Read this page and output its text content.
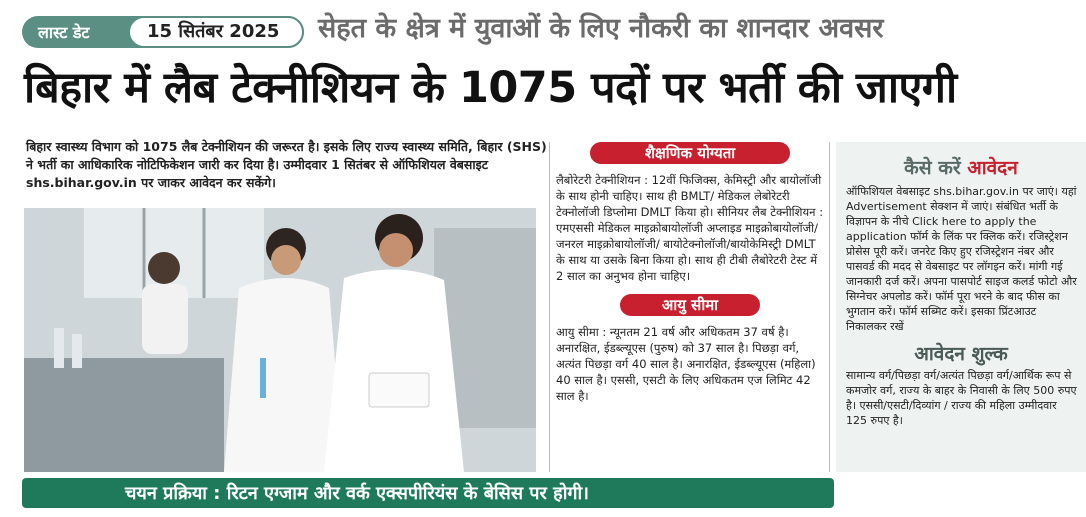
लास्ट डेट	15 सितंबर 2025 सेहत के क्षेत्र में युवाओं के लिए नौकरी का शानदार अवसर
बिहार में लैब टेक्नीशियन के 1075 पदों पर भर्ती की जाएगी
बिहार स्वास्थ्य विभाग को 1075 लैब टेक्नीशियन की जरूरत है। इसके लिए राज्य स्वास्थ्य समिति, बिहार (SHS) ने भर्ती का आधिकारिक नोटिफिकेशन जारी कर दिया है। उम्मीदवार 1 सितंबर से ऑफिशियल वेबसाइट shs.bihar.gov.in पर जाकर आवेदन कर सकेंगे।
शैक्षणिक योग्यता
लैबोरेटरी टेक्नीशियन : 12वीं फिजिक्स, केमिस्ट्री और बायोलॉजी के साथ होनी चाहिए। साथ ही BMLT/ मेडिकल लेबोरेटरी टेक्नोलॉजी डिप्लोमा DMLT किया हो। सीनियर लैब टेक्नीशियन : एमएससी मेडिकल माइक्रोबायोलॉजी अप्लाइड माइक्रोबायोलॉजी/जनरल माइक्रोबायोलॉजी/ बायोटेक्नोलॉजी/बायोकेमिस्ट्री DMLT के साथ या उसके बिना किया हो। साथ ही टीबी लैबोरेटरी टेस्ट में 2 साल का अनुभव होना चाहिए।
आयु सीमा
आयु सीमा : न्यूनतम 21 वर्ष और अधिकतम 37 वर्ष है। अनारक्षित, ईडब्ल्यूएस (पुरुष) को 37 साल है। पिछड़ा वर्ग, अत्यंत पिछड़ा वर्ग 40 साल है। अनारक्षित, ईडब्ल्यूएस (महिला) 40 साल है। एससी, एसटी के लिए अधिकतम एज लिमिट 42 साल है।
कैसे करें आवेदन
ऑफिशियल वेबसाइट shs.bihar.gov.in पर जाएं। यहां Advertisement सेक्शन में जाएं। संबंधित भर्ती के विज्ञापन के नीचे Click here to apply the application फॉर्म के लिंक पर क्लिक करें। रजिस्ट्रेशन प्रोसेस पूरी करें। जनरेट किए हुए रजिस्ट्रेशन नंबर और पासवर्ड की मदद से वेबसाइट पर लॉगइन करें। मांगी गई जानकारी दर्ज करें। अपना पासपोर्ट साइज कलर्ड फोटो और सिग्नेचर अपलोड करें। फॉर्म पूरा भरने के बाद फीस का भुगतान करें। फॉर्म सब्मिट करें। इसका प्रिंटआउट निकालकर रखें
आवेदन शुल्क
सामान्य वर्ग/पिछड़ा वर्ग/अत्यंत पिछड़ा वर्ग/आर्थिक रूप से कमजोर वर्ग, राज्य के बाहर के निवासी के लिए 500 रुपए है। एससी/एसटी/दिव्यांग / राज्य की महिला उम्मीदवार 125 रुपए है।
चयन प्रक्रिया : रिटन एग्जाम और वर्क एक्सपीरियंस के बेसिस पर होगी।
